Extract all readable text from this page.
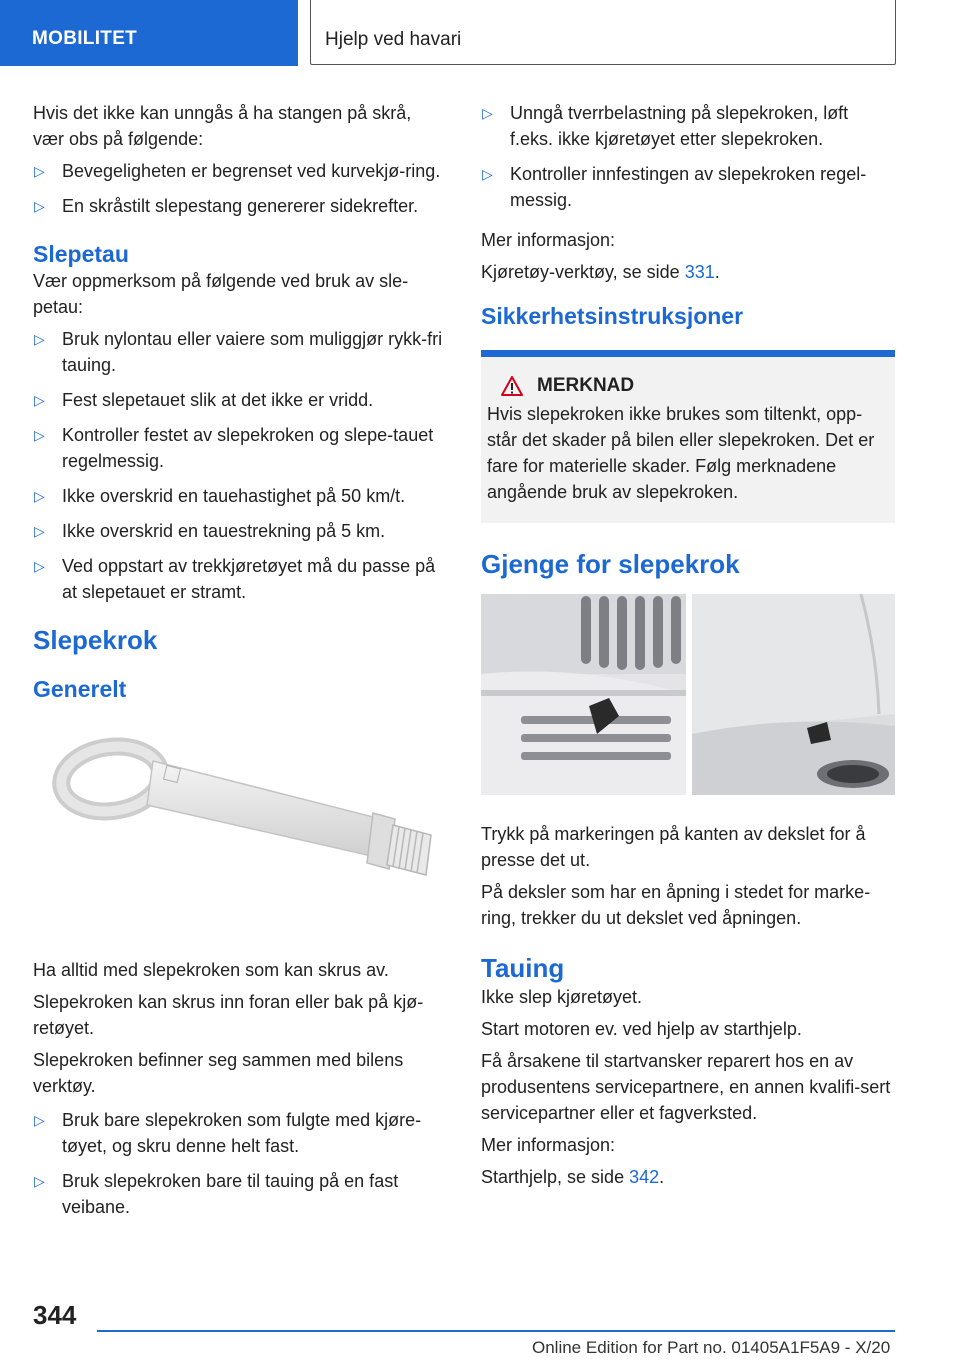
MOBILITET	Hjelp ved havari

Hvis det ikke kan unngås å ha stangen på skrå, vær obs på følgende:

▷ Bevegeligheten er begrenset ved kurvekjø-ring.
▷ En skråstilt slepestang genererer sidekrefter.
Slepetau

Vær oppmerksom på følgende ved bruk av sle-petau:

▷ Bruk nylontau eller vaiere som muliggjør rykk-fri tauing.
▷ Fest slepetauet slik at det ikke er vridd.
▷ Kontroller festet av slepekroken og slepe-tauet regelmessig.
▷ Ikke overskrid en tauehastighet på 50 km/t.
▷ Ikke overskrid en tauestrekning på 5 km.
▷ Ved oppstart av trekkjøretøyet må du passe på at slepetauet er stramt.
Slepekrok
Generelt

Ha alltid med slepekroken som kan skrus av.

Slepekroken kan skrus inn foran eller bak på kjø-retøyet.

Slepekroken befinner seg sammen med bilens verktøy.

▷ Bruk bare slepekroken som fulgte med kjøre-tøyet, og skru denne helt fast.
▷ Bruk slepekroken bare til tauing på en fast veibane.
▷ Unngå tverrbelastning på slepekroken, løft f.eks. ikke kjøretøyet etter slepekroken.
▷ Kontroller innfestingen av slepekroken regel-messig.

Mer informasjon:

Kjøretøy-verktøy, se side 331.

Sikkerhetsinstruksjoner
MERKNAD

Hvis slepekroken ikke brukes som tiltenkt, opp-står det skader på bilen eller slepekroken. Det er fare for materielle skader. Følg merknadene angående bruk av slepekroken.

Gjenge for slepekrok

Trykk på markeringen på kanten av dekslet for å presse det ut.

På deksler som har en åpning i stedet for marke-ring, trekker du ut dekslet ved åpningen.

Tauing

Ikke slep kjøretøyet.

Start motoren ev. ved hjelp av starthjelp.

Få årsakene til startvansker reparert hos en av produsentens servicepartnere, en annen kvalifi-sert servicepartner eller et fagverksted.

Mer informasjon:

Starthjelp, se side 342.

344
Online Edition for Part no. 01405A1F5A9 - X/20
